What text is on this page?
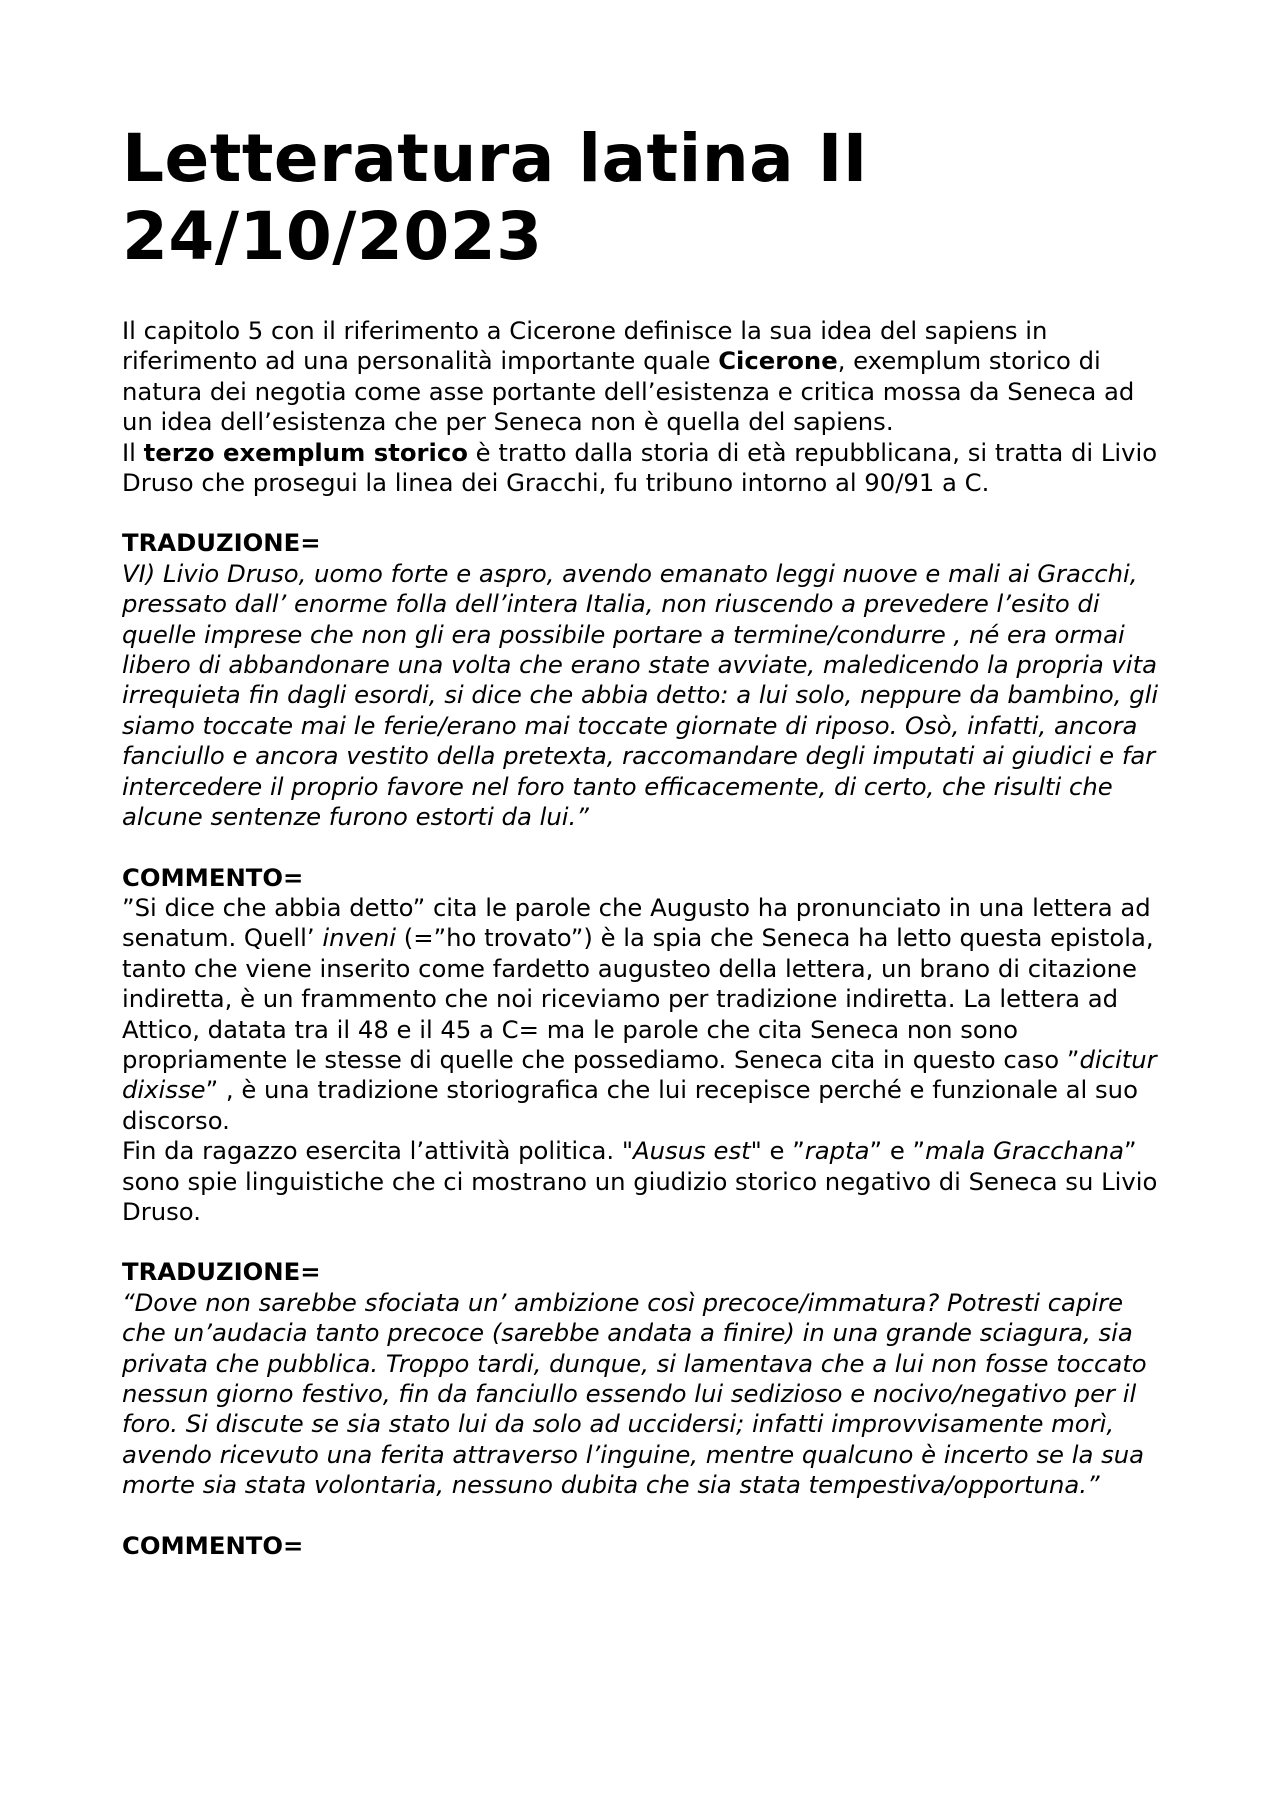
Letteratura latina II
24/10/2023

Il capitolo 5 con il riferimento a Cicerone definisce la sua idea del sapiens in riferimento ad una personalità importante quale Cicerone, exemplum storico di natura dei negotia come asse portante dell’esistenza e critica mossa da Seneca ad un idea dell’esistenza che per Seneca non è quella del sapiens.

Il terzo exemplum storico è tratto dalla storia di età repubblicana, si tratta di Livio Druso che prosegui la linea dei Gracchi, fu tribuno intorno al 90/91 a C.

TRADUZIONE=

VI) Livio Druso, uomo forte e aspro, avendo emanato leggi nuove e mali ai Gracchi,

pressato dall’ enorme folla dell’intera Italia, non riuscendo a prevedere l’esito di quelle imprese che non gli era possibile portare a termine/condurre , né era ormai libero di abbandonare una volta che erano state avviate, maledicendo la propria vita irrequieta fin dagli esordi, si dice che abbia detto: a lui solo, neppure da bambino, gli siamo toccate mai le ferie/erano mai toccate giornate di riposo. Osò, infatti, ancora fanciullo e ancora vestito della pretexta, raccomandare degli imputati ai giudici e far intercedere il proprio favore nel foro tanto efficacemente, di certo, che risulti che alcune sentenze furono estorti da lui.”

COMMENTO=

”Si dice che abbia detto” cita le parole che Augusto ha pronunciato in una lettera ad senatum. Quell’ inveni (=”ho trovato”) è la spia che Seneca ha letto questa epistola, tanto che viene inserito come fardetto augusteo della lettera, un brano di citazione indiretta, è un frammento che noi riceviamo per tradizione indiretta. La lettera ad Attico, datata tra il 48 e il 45 a C= ma le parole che cita Seneca non sono propriamente le stesse di quelle che possediamo. Seneca cita in questo caso ”dicitur dixisse” , è una tradizione storiografica che lui recepisce perché e funzionale al suo discorso.

Fin da ragazzo esercita l’attività politica. "Ausus est" e ”rapta” e ”mala Gracchana” sono spie linguistiche che ci mostrano un giudizio storico negativo di Seneca su Livio Druso.

TRADUZIONE=
“Dove non sarebbe sfociata un’ ambizione così precoce/immatura? Potresti capire che un’audacia tanto precoce (sarebbe andata a finire) in una grande sciagura, sia privata che pubblica. Troppo tardi, dunque, si lamentava che a lui non fosse toccato nessun giorno festivo, fin da fanciullo essendo lui sedizioso e nocivo/negativo per il foro. Si discute se sia stato lui da solo ad uccidersi; infatti improvvisamente morì, avendo ricevuto una ferita attraverso l’inguine, mentre qualcuno è incerto se la sua morte sia stata volontaria, nessuno dubita che sia stata tempestiva/opportuna.”
COMMENTO=
